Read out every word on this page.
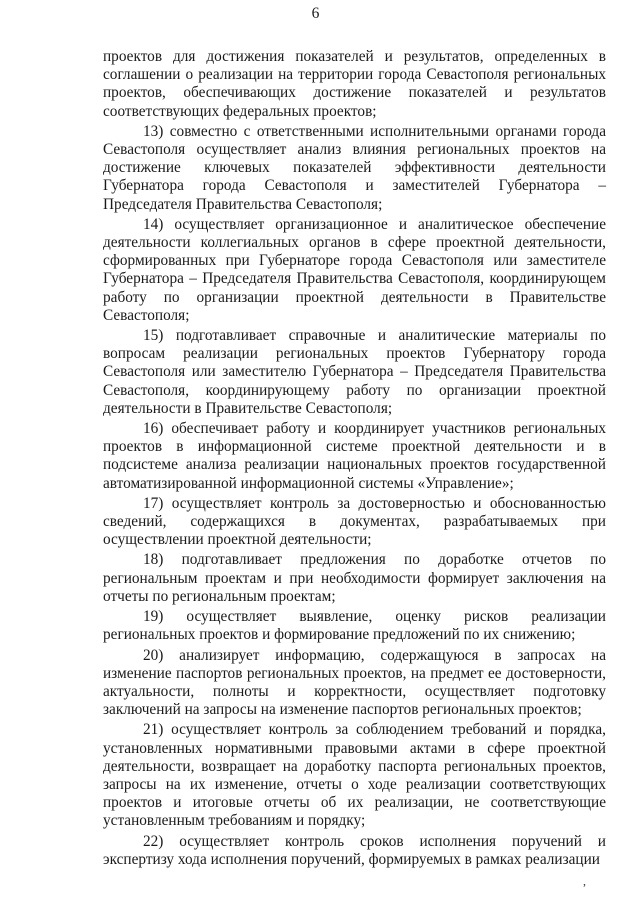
6

проектов для достижения показателей и результатов, определенных в соглашении о реализации на территории города Севастополя региональных проектов, обеспечивающих достижение показателей и результатов соответствующих федеральных проектов;

13) совместно с ответственными исполнительными органами города Севастополя осуществляет анализ влияния региональных проектов на достижение ключевых показателей эффективности деятельности Губернатора города Севастополя и заместителей Губернатора – Председателя Правительства Севастополя;

14) осуществляет организационное и аналитическое обеспечение деятельности коллегиальных органов в сфере проектной деятельности, сформированных при Губернаторе города Севастополя или заместителе Губернатора – Председателя Правительства Севастополя, координирующем работу по организации проектной деятельности в Правительстве Севастополя;

15) подготавливает справочные и аналитические материалы по вопросам реализации региональных проектов Губернатору города Севастополя или заместителю Губернатора – Председателя Правительства Севастополя, координирующему работу по организации проектной деятельности в Правительстве Севастополя;

16) обеспечивает работу и координирует участников региональных проектов в информационной системе проектной деятельности и в подсистеме анализа реализации национальных проектов государственной автоматизированной информационной системы «Управление»;

17) осуществляет контроль за достоверностью и обоснованностью сведений, содержащихся в документах, разрабатываемых при осуществлении проектной деятельности;

18) подготавливает предложения по доработке отчетов по региональным проектам и при необходимости формирует заключения на отчеты по региональным проектам;

19) осуществляет выявление, оценку рисков реализации региональных проектов и формирование предложений по их снижению;

20) анализирует информацию, содержащуюся в запросах на изменение паспортов региональных проектов, на предмет ее достоверности, актуальности, полноты и корректности, осуществляет подготовку заключений на запросы на изменение паспортов региональных проектов;

21) осуществляет контроль за соблюдением требований и порядка, установленных нормативными правовыми актами в сфере проектной деятельности, возвращает на доработку паспорта региональных проектов, запросы на их изменение, отчеты о ходе реализации соответствующих проектов и итоговые отчеты об их реализации, не соответствующие установленным требованиям и порядку;

22) осуществляет контроль сроков исполнения поручений и экспертизу хода исполнения поручений, формируемых в рамках реализации

,
